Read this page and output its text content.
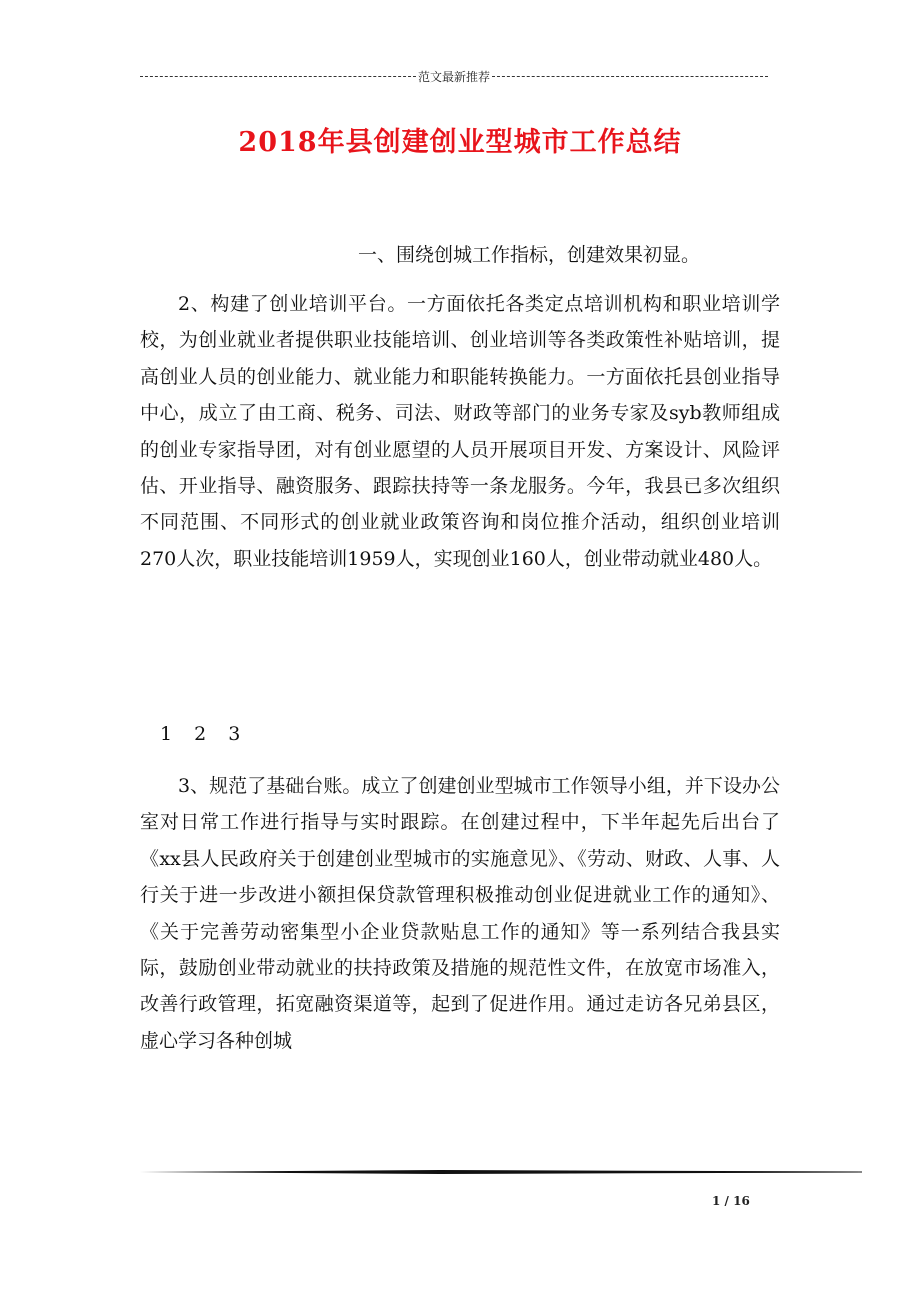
范文最新推荐
2018年县创建创业型城市工作总结
一、围绕创城工作指标，创建效果初显。

2、构建了创业培训平台。一方面依托各类定点培训机构和职业培训学校，为创业就业者提供职业技能培训、创业培训等各类政策性补贴培训，提高创业人员的创业能力、就业能力和职能转换能力。一方面依托县创业指导中心，成立了由工商、税务、司法、财政等部门的业务专家及syb教师组成的创业专家指导团，对有创业愿望的人员开展项目开发、方案设计、风险评估、开业指导、融资服务、跟踪扶持等一条龙服务。今年，我县已多次组织不同范围、不同形式的创业就业政策咨询和岗位推介活动，组织创业培训270人次，职业技能培训1959人，实现创业160人，创业带动就业480人。

1 2 3

3、规范了基础台账。成立了创建创业型城市工作领导小组，并下设办公室对日常工作进行指导与实时跟踪。在创建过程中，下半年起先后出台了《xx县人民政府关于创建创业型城市的实施意见》、《劳动、财政、人事、人行关于进一步改进小额担保贷款管理积极推动创业促进就业工作的通知》、《关于完善劳动密集型小企业贷款贴息工作的通知》等一系列结合我县实际，鼓励创业带动就业的扶持政策及措施的规范性文件，在放宽市场准入，改善行政管理，拓宽融资渠道等，起到了促进作用。通过走访各兄弟县区，虚心学习各种创城

1 / 16
